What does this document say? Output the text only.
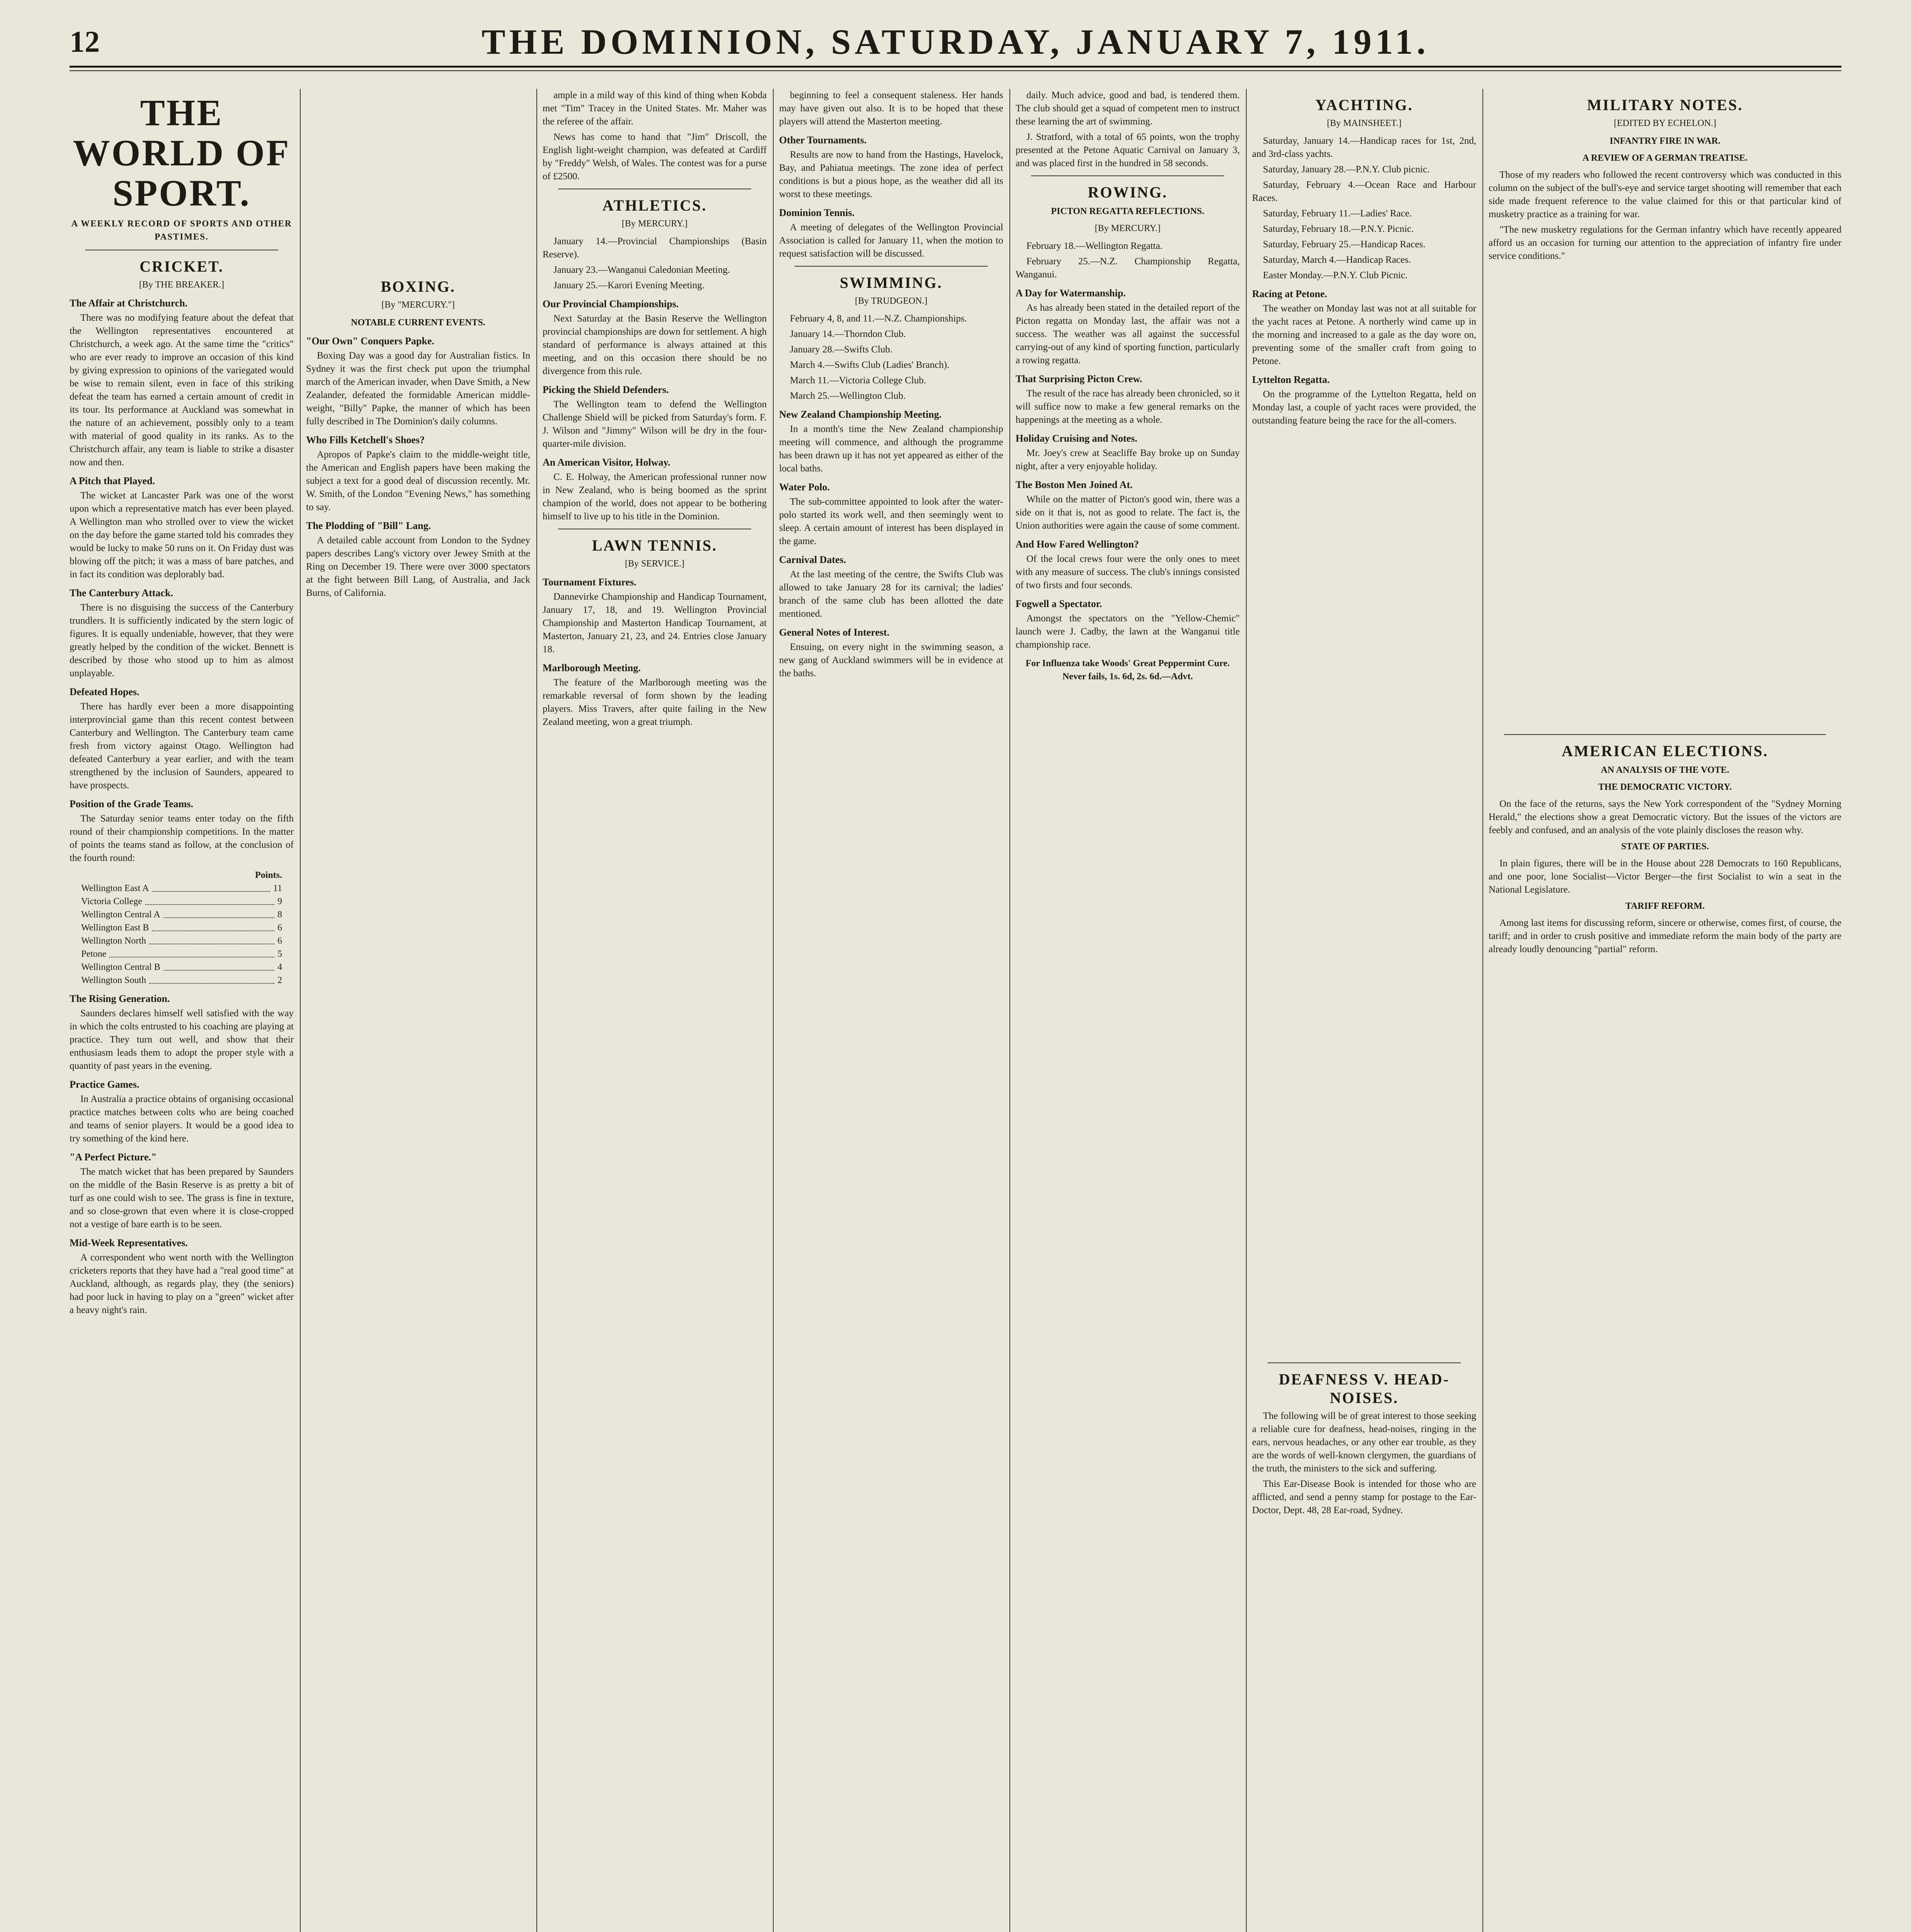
12	THE DOMINION, SATURDAY, JANUARY 7, 1911.
THE WORLD OF SPORT.
A WEEKLY RECORD OF SPORTS AND OTHER PASTIMES.
CRICKET.
[By THE BREAKER.]
The Affair at Christchurch.

There was no modifying feature about the defeat that the Wellington representatives encountered at Christchurch, a week ago. At the same time the "critics" who are ever ready to improve an occasion of this kind by giving expression to opinions of the variegated would be wise to remain silent, even in face of this striking defeat the team has earned a certain amount of credit in its tour. Its performance at Auckland was somewhat in the nature of an achievement, possibly only to a team with material of good quality in its ranks. As to the Christchurch affair, any team is liable to strike a disaster now and then.

A Pitch that Played.

The wicket at Lancaster Park was one of the worst upon which a representative match has ever been played. A Wellington man who strolled over to view the wicket on the day before the game started told his comrades they would be lucky to make 50 runs on it. On Friday dust was blowing off the pitch; it was a mass of bare patches, and in fact its condition was deplorably bad.

The Canterbury Attack.

There is no disguising the success of the Canterbury trundlers. It is sufficiently indicated by the stern logic of figures. It is equally undeniable, however, that they were greatly helped by the condition of the wicket. Bennett is described by those who stood up to him as almost unplayable.

Defeated Hopes.

There has hardly ever been a more disappointing interprovincial game than this recent contest between Canterbury and Wellington. The Canterbury team came fresh from victory against Otago. Wellington had defeated Canterbury a year earlier, and with the team strengthened by the inclusion of Saunders, appeared to have prospects.

Position of the Grade Teams.

The Saturday senior teams enter today on the fifth round of their championship competitions. In the matter of points the teams stand as follow, at the conclusion of the fourth round:

Points.
Wellington East A	11
Victoria College	9
Wellington Central A	8
Wellington East B	6
Wellington North	6
Petone	5
Wellington Central B	4
Wellington South	2
The Rising Generation.

Saunders declares himself well satisfied with the way in which the colts entrusted to his coaching are playing at practice. They turn out well, and show that their enthusiasm leads them to adopt the proper style with a quantity of past years in the evening.

Practice Games.

In Australia a practice obtains of organising occasional practice matches between colts who are being coached and teams of senior players. It would be a good idea to try something of the kind here.

"A Perfect Picture."

The match wicket that has been prepared by Saunders on the middle of the Basin Reserve is as pretty a bit of turf as one could wish to see. The grass is fine in texture, and so close-grown that even where it is close-cropped not a vestige of bare earth is to be seen.

Mid-Week Representatives.

A correspondent who went north with the Wellington cricketers reports that they have had a "real good time" at Auckland, although, as regards play, they (the seniors) had poor luck in having to play on a "green" wicket after a heavy night's rain.

BOXING.
[By "MERCURY."]
NOTABLE CURRENT EVENTS.
"Our Own" Conquers Papke.

Boxing Day was a good day for Australian fistics. In Sydney it was the first check put upon the triumphal march of the American invader, when Dave Smith, a New Zealander, defeated the formidable American middle-weight, "Billy" Papke, the manner of which has been fully described in The Dominion's daily columns.

Who Fills Ketchell's Shoes?

Apropos of Papke's claim to the middle-weight title, the American and English papers have been making the subject a text for a good deal of discussion recently. Mr. W. Smith, of the London "Evening News," has something to say.

The Plodding of "Bill" Lang.

A detailed cable account from London to the Sydney papers describes Lang's victory over Jewey Smith at the Ring on December 19. There were over 3000 spectators at the fight between Bill Lang, of Australia, and Jack Burns, of California.

ample in a mild way of this kind of thing when Kobda met "Tim" Tracey in the United States. Mr. Maher was the referee of the affair.

News has come to hand that "Jim" Driscoll, the English light-weight champion, was defeated at Cardiff by "Freddy" Welsh, of Wales. The contest was for a purse of £2500.

ATHLETICS.
[By MERCURY.]

January 14.—Provincial Championships (Basin Reserve).

January 23.—Wanganui Caledonian Meeting.

January 25.—Karori Evening Meeting.

Our Provincial Championships.

Next Saturday at the Basin Reserve the Wellington provincial championships are down for settlement. A high standard of performance is always attained at this meeting, and on this occasion there should be no divergence from this rule.

Picking the Shield Defenders.

The Wellington team to defend the Wellington Challenge Shield will be picked from Saturday's form. F. J. Wilson and "Jimmy" Wilson will be dry in the four-quarter-mile division.

An American Visitor, Holway.

C. E. Holway, the American professional runner now in New Zealand, who is being boomed as the sprint champion of the world, does not appear to be bothering himself to live up to his title in the Dominion.

LAWN TENNIS.
[By SERVICE.]
Tournament Fixtures.

Dannevirke Championship and Handicap Tournament, January 17, 18, and 19. Wellington Provincial Championship and Masterton Handicap Tournament, at Masterton, January 21, 23, and 24. Entries close January 18.

Marlborough Meeting.

The feature of the Marlborough meeting was the remarkable reversal of form shown by the leading players. Miss Travers, after quite failing in the New Zealand meeting, won a great triumph.

beginning to feel a consequent staleness. Her hands may have given out also. It is to be hoped that these players will attend the Masterton meeting.

Other Tournaments.

Results are now to hand from the Hastings, Havelock, Bay, and Pahiatua meetings. The zone idea of perfect conditions is but a pious hope, as the weather did all its worst to these meetings.

Dominion Tennis.

A meeting of delegates of the Wellington Provincial Association is called for January 11, when the motion to request satisfaction will be discussed.

SWIMMING.
[By TRUDGEON.]

February 4, 8, and 11.—N.Z. Championships.

January 14.—Thorndon Club.

January 28.—Swifts Club.

March 4.—Swifts Club (Ladies' Branch).

March 11.—Victoria College Club.

March 25.—Wellington Club.

New Zealand Championship Meeting.

In a month's time the New Zealand championship meeting will commence, and although the programme has been drawn up it has not yet appeared as either of the local baths.

Water Polo.

The sub-committee appointed to look after the water-polo started its work well, and then seemingly went to sleep. A certain amount of interest has been displayed in the game.

Carnival Dates.

At the last meeting of the centre, the Swifts Club was allowed to take January 28 for its carnival; the ladies' branch of the same club has been allotted the date mentioned.

General Notes of Interest.

Ensuing, on every night in the swimming season, a new gang of Auckland swimmers will be in evidence at the baths.

daily. Much advice, good and bad, is tendered them. The club should get a squad of competent men to instruct these learning the art of swimming.

J. Stratford, with a total of 65 points, won the trophy presented at the Petone Aquatic Carnival on January 3, and was placed first in the hundred in 58 seconds.

ROWING.
PICTON REGATTA REFLECTIONS.
[By MERCURY.]

February 18.—Wellington Regatta.

February 25.—N.Z. Championship Regatta, Wanganui.

A Day for Watermanship.

As has already been stated in the detailed report of the Picton regatta on Monday last, the affair was not a success. The weather was all against the successful carrying-out of any kind of sporting function, particularly a rowing regatta.

That Surprising Picton Crew.

The result of the race has already been chronicled, so it will suffice now to make a few general remarks on the happenings at the meeting as a whole.

Holiday Cruising and Notes.

Mr. Joey's crew at Seacliffe Bay broke up on Sunday night, after a very enjoyable holiday.

The Boston Men Joined At.

While on the matter of Picton's good win, there was a side on it that is, not as good to relate. The fact is, the Union authorities were again the cause of some comment.

And How Fared Wellington?

Of the local crews four were the only ones to meet with any measure of success. The club's innings consisted of two firsts and four seconds.

Fogwell a Spectator.

Amongst the spectators on the "Yellow-Chemic" launch were J. Cadby, the lawn at the Wanganui title championship race.

For Influenza take Woods' Great Peppermint Cure. Never fails, 1s. 6d, 2s. 6d.—Advt.
YACHTING.
[By MAINSHEET.]

Saturday, January 14.—Handicap races for 1st, 2nd, and 3rd-class yachts.

Saturday, January 28.—P.N.Y. Club picnic.

Saturday, February 4.—Ocean Race and Harbour Races.

Saturday, February 11.—Ladies' Race.

Saturday, February 18.—P.N.Y. Picnic.

Saturday, February 25.—Handicap Races.

Saturday, March 4.—Handicap Races.

Easter Monday.—P.N.Y. Club Picnic.

Racing at Petone.

The weather on Monday last was not at all suitable for the yacht races at Petone. A northerly wind came up in the morning and increased to a gale as the day wore on, preventing some of the smaller craft from going to Petone.

Lyttelton Regatta.

On the programme of the Lyttelton Regatta, held on Monday last, a couple of yacht races were provided, the outstanding feature being the race for the all-comers.

DEAFNESS V. HEAD-NOISES.

The following will be of great interest to those seeking a reliable cure for deafness, head-noises, ringing in the ears, nervous headaches, or any other ear trouble, as they are the words of well-known clergymen, the guardians of the truth, the ministers to the sick and suffering.

This Ear-Disease Book is intended for those who are afflicted, and send a penny stamp for postage to the Ear-Doctor, Dept. 48, 28 Ear-road, Sydney.

MILITARY NOTES.
[EDITED BY ECHELON.]
INFANTRY FIRE IN WAR.
A REVIEW OF A GERMAN TREATISE.

Those of my readers who followed the recent controversy which was conducted in this column on the subject of the bull's-eye and service target shooting will remember that each side made frequent reference to the value claimed for this or that particular kind of musketry practice as a training for war.

"The new musketry regulations for the German infantry which have recently appeared afford us an occasion for turning our attention to the appreciation of infantry fire under service conditions."

AMERICAN ELECTIONS.
AN ANALYSIS OF THE VOTE.
THE DEMOCRATIC VICTORY.

On the face of the returns, says the New York correspondent of the "Sydney Morning Herald," the elections show a great Democratic victory. But the issues of the victors are feebly and confused, and an analysis of the vote plainly discloses the reason why.

STATE OF PARTIES.

In plain figures, there will be in the House about 228 Democrats to 160 Republicans, and one poor, lone Socialist—Victor Berger—the first Socialist to win a seat in the National Legislature.

TARIFF REFORM.

Among last items for discussing reform, sincere or otherwise, comes first, of course, the tariff; and in order to crush positive and immediate reform the main body of the party are already loudly denouncing "partial" reform.
